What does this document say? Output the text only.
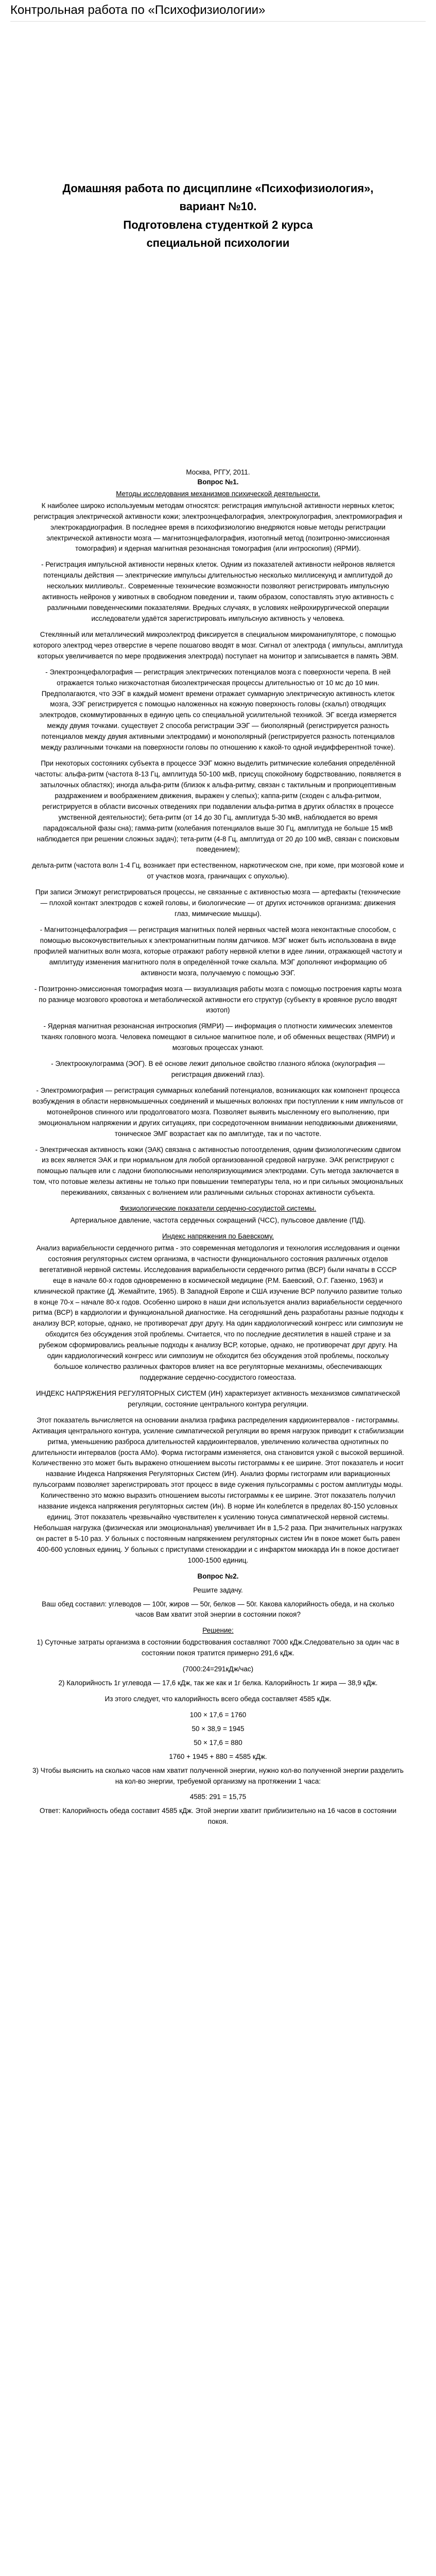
Контрольная работа по «Психофизиологии»
Домашняя работа по дисциплине «Психофизиология»,
вариант №10.
Подготовлена студенткой 2 курса
специальной психологии
Москва, РГГУ, 2011.
Вопрос №1.
Методы исследования механизмов психической деятельности.

К наиболее широко используемым методам относятся: регистрация импульсной активности нервных клеток; регистрация электрической активности кожи; электроэнцефалография, электрокулография, электромиография и электрокардиография. В последнее время в психофизиологию внедряются новые методы регистрации электрической активности мозга — магнитоэнцефалография, изотопный метод (позитронно-эмиссионная томография) и ядерная магнитная резонансная томография (или интроскопия) (ЯРМИ).

- Регистрация импульсной активности нервных клеток. Одним из показателей активности нейронов является потенциалы действия — электрические импульсы длительностью несколько миллисекунд и амплитудой до нескольких милливольт.. Современные технические возможности позволяют регистрировать импульсную активность нейронов у животных в свободном поведении и, таким образом, сопоставлять этую активность с различными поведенческими показателями. Вредных случаях, в условиях нейрохирургической операции исследователи удаётся зарегистрировать импульсную активность у человека.

Стеклянный или металлический микроэлектрод фиксируется в специальном микроманипуляторе, с помощью которого электрод через отверстие в черепе пошагово вводят в мозг. Сигнал от электрода ( импульсы, амплитуда которых увеличивается по мере продвижения электрода) поступает на монитор и записывается в память ЭВМ.

- Электроэнцефалография — регистрация электрических потенциалов мозга с поверхности черепа. В ней отражается только низкочастотная биоэлектрическая процессы длительностью от 10 мс до 10 мин. Предполагаются, что ЭЭГ в каждый момент времени отражает суммарную электрическую активность клеток мозга, ЭЭГ регистрируется с помощью наложенных на кожную поверхность головы (скальп) отводящих электродов, скоммутированных в единую цепь со специальной усилительной техникой. ЭГ всегда измеряется между двумя точками. существует 2 способа регистрации ЭЭГ — биополярный (регистрируется разность потенциалов между двумя активными электродами) и монополярный (регистрируется разность потенциалов между различными точками на поверхности головы по отношению к какой-то одной индифферентной точке).

При некоторых состояниях субъекта в процессе ЭЭГ можно выделить ритмические колебания определённой частоты: альфа-ритм (частота 8-13 Гц, амплитуда 50-100 мкВ, присущ спокойному бодрствованию, появляется в затылочных областях); иногда альфа-ритм (близок к альфа-ритму, связан с тактильным и проприоцептивным раздражением и воображением движения, выражен у слепых); каппа-ритм (сходен с альфа-ритмом, регистрируется в области височных отведениях при подавлении альфа-ритма в других областях в процессе умственной деятельности); бета-ритм (от 14 до 30 Гц, амплитуда 5-30 мкВ, наблюдается во время парадоксальной фазы сна); гамма-ритм (колебания потенциалов выше 30 Гц, амплитуда не больше 15 мкВ наблюдается при решении сложных задач); тета-ритм (4-8 Гц, амплитуда от 20 до 100 мкВ, связан с поисковым поведением);

дельта-ритм (частота волн 1-4 Гц, возникает при естественном, наркотическом сне, при коме, при мозговой коме и от участков мозга, граничащих с опухолью).

При записи Эгможут регистрироваться процессы, не связанные с активностью мозга — артефакты (технические — плохой контакт электродов с кожей головы, и биологические — от других источников организма: движения глаз, мимические мышцы).

- Магнитоэнцефалография — регистрация магнитных полей нервных частей мозга неконтактные способом, с помощью высокочувствительных к электромагнитным полям датчиков. МЭГ может быть использована в виде профилей магнитных волн мозга, которые отражают работу нервной клетки в идее линии, отражающей частоту и амплитуду изменения магнитного поля в определённой точке скальпа. МЭГ дополняют информацию об активности мозга, получаемую с помощью ЭЭГ.

- Позитронно-эмиссионная томография мозга — визуализация работы мозга с помощью построения карты мозга по разнице мозгового кровотока и метаболической активности его структур (субъекту в кровяное русло вводят изотоп)

- Ядерная магнитная резонансная интроскопия (ЯМРИ) — информация о плотности химических элементов тканях головного мозга. Человека помещают в сильное магнитное поле, и об обменных веществах (ЯМРИ) и мозговых процессах узнают.

- Электроокулограмма (ЭОГ). В её основе лежит дипольное свойство глазного яблока (окулография — регистрация движений глаз).

- Электромиография — регистрация суммарных колебаний потенциалов, возникающих как компонент процесса возбуждения в области нервномышечных соединений и мышечных волокнах при поступлении к ним импульсов от мотонейронов спинного или продолговатого мозга. Позволяет выявить мысленному его выполнению, при эмоциональном напряжении и других ситуациях, при сосредоточенном внимании неподвижными движениями, тоническое ЭМГ возрастает как по амплитуде, так и по частоте.

- Электрическая активность кожи (ЭАК) связана с активностью потоотделения, одним физиологическим сдвигом из всех является ЭАК и при нормальном для любой организованной средовой нагрузке. ЭАК регистрируют с помощью пальцев или с ладони биополюсными неполяризующимися электродами. Суть метода заключается в том, что потовые железы активны не только при повышении температуры тела, но и при сильных эмоциональных переживаниях, связанных с волнением или различными сильных сторонах активности субъекта.

Физиологические показатели сердечно-сосудистой системы.

Артериальное давление, частота сердечных сокращений (ЧСС), пульсовое давление (ПД).

Индекс напряжения по Баевскому.

Анализ вариабельности сердечного ритма - это современная методология и технология исследования и оценки состояния регуляторных систем организма, в частности функционального состояния различных отделов вегетативной нервной системы. Исследования вариабельности сердечного ритма (ВСР) были начаты в СССР еще в начале 60-х годов одновременно в космической медицине (Р.М. Баевский, О.Г. Газенко, 1963) и клинической практике (Д. Жемайтите, 1965). В Западной Европе и США изучение ВСР получило развитие только в конце 70-х – начале 80-х годов. Особенно широко в наши дни используется анализ вариабельности сердечного ритма (ВСР) в кардиологии и функциональной диагностике. На сегодняшний день разработаны разные подходы к анализу ВСР, которые, однако, не противоречат друг другу. На один кардиологический конгресс или симпозиум не обходится без обсуждения этой проблемы. Считается, что по последние десятилетия в нашей стране и за рубежом сформировались реальные подходы к анализу ВСР, которые, однако, не противоречат друг другу. На один кардиологический конгресс или симпозиум не обходится без обсуждения этой проблемы, поскольку большое количество различных факторов влияет на все регуляторные механизмы, обеспечивающих поддержание сердечно-сосудистого гомеостаза.

ИНДЕКС НАПРЯЖЕНИЯ РЕГУЛЯТОРНЫХ СИСТЕМ (ИН) характеризует активность механизмов симпатической регуляции, состояние центрального контура регуляции.

Этот показатель вычисляется на основании анализа графика распределения кардиоинтервалов - гистограммы. Активация центрального контура, усиление симпатической регуляции во время нагрузок приводит к стабилизации ритма, уменьшению разброса длительностей кардиоинтервалов, увеличению количества однотипных по длительности интервалов (роста АМо). Форма гистограмм изменяется, она становится узкой с высокой вершиной. Количественно это может быть выражено отношением высоты гистограммы к ее ширине. Этот показатель и носит название Индекса Напряжения Регуляторных Систем (ИН). Анализ формы гистограмм или вариационных пульсограмм позволяет зарегистрировать этот процесс в виде сужения пульсограммы с ростом амплитуды моды. Количественно это можно выразить отношением высоты гистограммы к ее ширине. Этот показатель получил название индекса напряжения регуляторных систем (Ин). В норме Ин колеблется в пределах 80-150 условных единиц. Этот показатель чрезвычайно чувствителен к усилению тонуса симпатической нервной системы. Небольшая нагрузка (физическая или эмоциональная) увеличивает Ин в 1,5-2 раза. При значительных нагрузках он растет в 5-10 раз. У больных с постоянным напряжением регуляторных систем Ин в покое может быть равен 400-600 условных единиц. У больных с приступами стенокардии и с инфарктом миокарда Ин в покое достигает 1000-1500 единиц.

Вопрос №2.
Решите задачу.

Ваш обед составил: углеводов — 100г, жиров — 50г, белков — 50г. Какова калорийность обеда, и на сколько часов Вам хватит этой энергии в состоянии покоя?

Решение:

1) Суточные затраты организма в состоянии бодрствования составляют 7000 кДж.Следовательно за один час в состоянии покоя тратится примерно 291,6 кДж.

(7000:24=291кДж/час)

2) Калорийность 1г углевода — 17,6 кДж, так же как и 1г белка. Калорийность 1г жира — 38,9 кДж.

Из этого следует, что калорийность всего обеда составляет 4585 кДж.

100 × 17,6 = 1760
50 × 38,9 = 1945
50 × 17,6 = 880
1760 + 1945 + 880 = 4585 кДж.

3) Чтобы выяснить на сколько часов нам хватит полученной энергии, нужно кол-во полученной энергии разделить на кол-во энергии, требуемой организму на протяжении 1 часа:

4585: 291 = 15,75

Ответ: Калорийность обеда составит 4585 кДж. Этой энергии хватит приблизительно на 16 часов в состоянии покоя.
